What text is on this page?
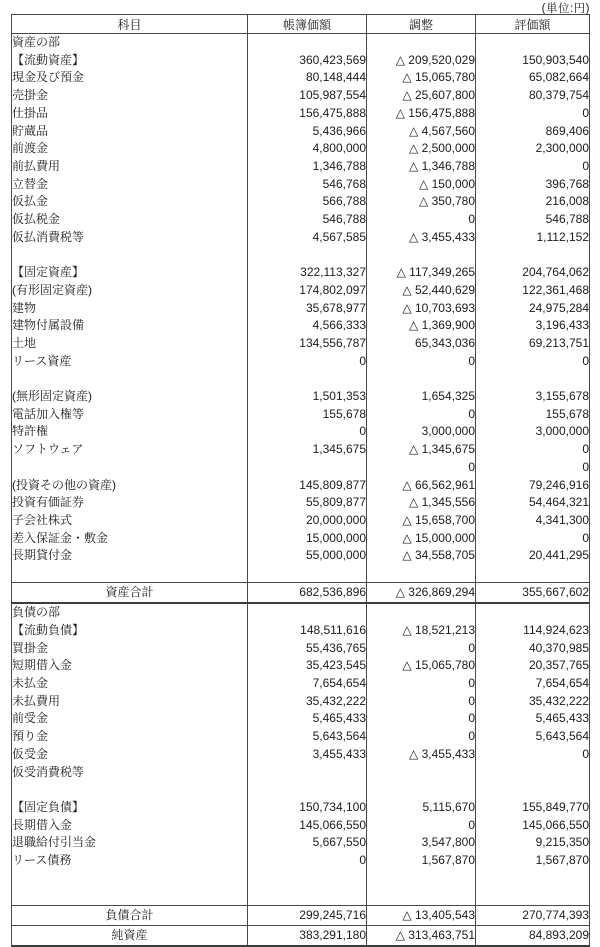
(単位:円)
科目	帳簿価額	調整	評価額
資産の部			
【流動資産】	360,423,569	△ 209,520,029	150,903,540
現金及び預金	80,148,444	△ 15,065,780	65,082,664
売掛金	105,987,554	△ 25,607,800	80,379,754
仕掛品	156,475,888	△ 156,475,888	0
貯蔵品	5,436,966	△ 4,567,560	869,406
前渡金	4,800,000	△ 2,500,000	2,300,000
前払費用	1,346,788	△ 1,346,788	0
立替金	546,768	△ 150,000	396,768
仮払金	566,788	△ 350,780	216,008
仮払税金	546,788	0	546,788
仮払消費税等	4,567,585	△ 3,455,433	1,112,152

【固定資産】	322,113,327	△ 117,349,265	204,764,062
(有形固定資産)	174,802,097	△ 52,440,629	122,361,468
建物	35,678,977	△ 10,703,693	24,975,284
建物付属設備	4,566,333	△ 1,369,900	3,196,433
土地	134,556,787	65,343,036	69,213,751
リース資産	0	0	0

(無形固定資産)	1,501,353	1,654,325	3,155,678
電話加入権等	155,678	0	155,678
特許権	0	3,000,000	3,000,000
ソフトウェア	1,345,675	△ 1,345,675	0
		0	0
(投資その他の資産)	145,809,877	△ 66,562,961	79,246,916
投資有価証券	55,809,877	△ 1,345,556	54,464,321
子会社株式	20,000,000	△ 15,658,700	4,341,300
差入保証金・敷金	15,000,000	△ 15,000,000	0
長期貸付金	55,000,000	△ 34,558,705	20,441,295

資産合計	682,536,896	△ 326,869,294	355,667,602
負債の部			
【流動負債】	148,511,616	△ 18,521,213	114,924,623
買掛金	55,436,765	0	40,370,985
短期借入金	35,423,545	△ 15,065,780	20,357,765
未払金	7,654,654	0	7,654,654
未払費用	35,432,222	0	35,432,222
前受金	5,465,433	0	5,465,433
預り金	5,643,564	0	5,643,564
仮受金	3,455,433	△ 3,455,433	0
仮受消費税等			

【固定負債】	150,734,100	5,115,670	155,849,770
長期借入金	145,066,550	0	145,066,550
退職給付引当金	5,667,550	3,547,800	9,215,350
リース債務	0	1,567,870	1,567,870

負債合計	299,245,716	△ 13,405,543	270,774,393
純資産	383,291,180	△ 313,463,751	84,893,209
